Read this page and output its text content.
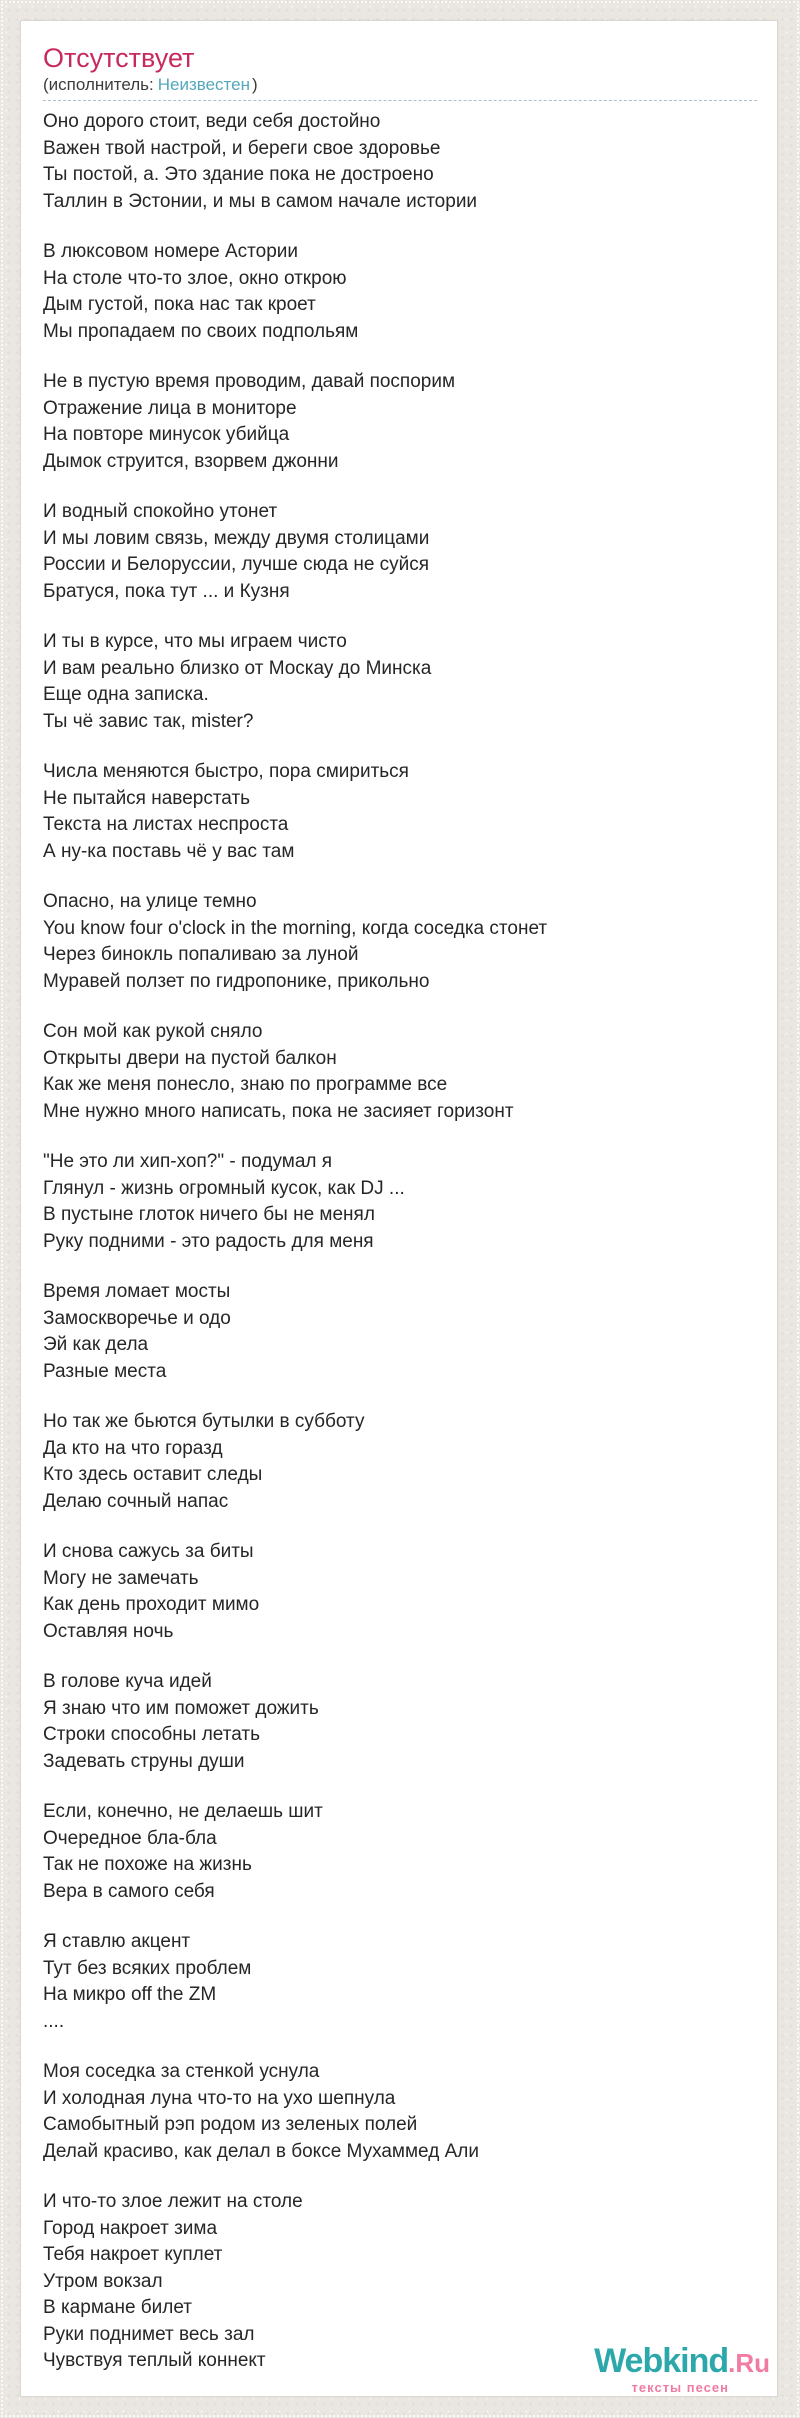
Отсутствует
(исполнитель: Неизвестен )

Оно дорого стоит, веди себя достойно
Важен твой настрой, и береги свое здоровье
Ты постой, а. Это здание пока не достроено
Таллин в Эстонии, и мы в самом начале истории

В люксовом номере Астории
На столе что-то злое, окно открою
Дым густой, пока нас так кроет
Мы пропадаем по своих подпольям

Не в пустую время проводим, давай поспорим
Отражение лица в мониторе
На повторе минусок убийца
Дымок струится, взорвем джонни

И водный спокойно утонет
И мы ловим связь, между двумя столицами
России и Белоруссии, лучше сюда не суйся
Братуся, пока тут ... и Кузня

И ты в курсе, что мы играем чисто
И вам реально близко от Москау до Минска
Еще одна записка.
Ты чё завис так, mister?

Числа меняются быстро, пора смириться
Не пытайся наверстать
Текста на листах неспроста
А ну-ка поставь чё у вас там

Опасно, на улице темно
You know four o'clock in the morning, когда соседка стонет
Через бинокль попаливаю за луной
Муравей ползет по гидропонике, прикольно

Сон мой как рукой сняло
Открыты двери на пустой балкон
Как же меня понесло, знаю по программе все
Мне нужно много написать, пока не засияет горизонт

"Не это ли хип-хоп?" - подумал я
Глянул - жизнь огромный кусок, как DJ ...
В пустыне глоток ничего бы не менял
Руку подними - это радость для меня

Время ломает мосты
Замоскворечье и одо
Эй как дела
Разные места

Но так же бьются бутылки в субботу
Да кто на что горазд
Кто здесь оставит следы
Делаю сочный напас

И снова сажусь за биты
Могу не замечать
Как день проходит мимо
Оставляя ночь

В голове куча идей
Я знаю что им поможет дожить
Строки способны летать
Задевать струны души

Если, конечно, не делаешь шит
Очередное бла-бла
Так не похоже на жизнь
Вера в самого себя

Я ставлю акцент
Тут без всяких проблем
На микро off the ZM
....

Моя соседка за стенкой уснула
И холодная луна что-то на ухо шепнула
Самобытный рэп родом из зеленых полей
Делай красиво, как делал в боксе Мухаммед Али

И что-то злое лежит на столе
Город накроет зима
Тебя накроет куплет
Утром вокзал
В кармане билет
Руки поднимет весь зал
Чувствуя теплый коннект	Webkind.Ru
тексты песен
